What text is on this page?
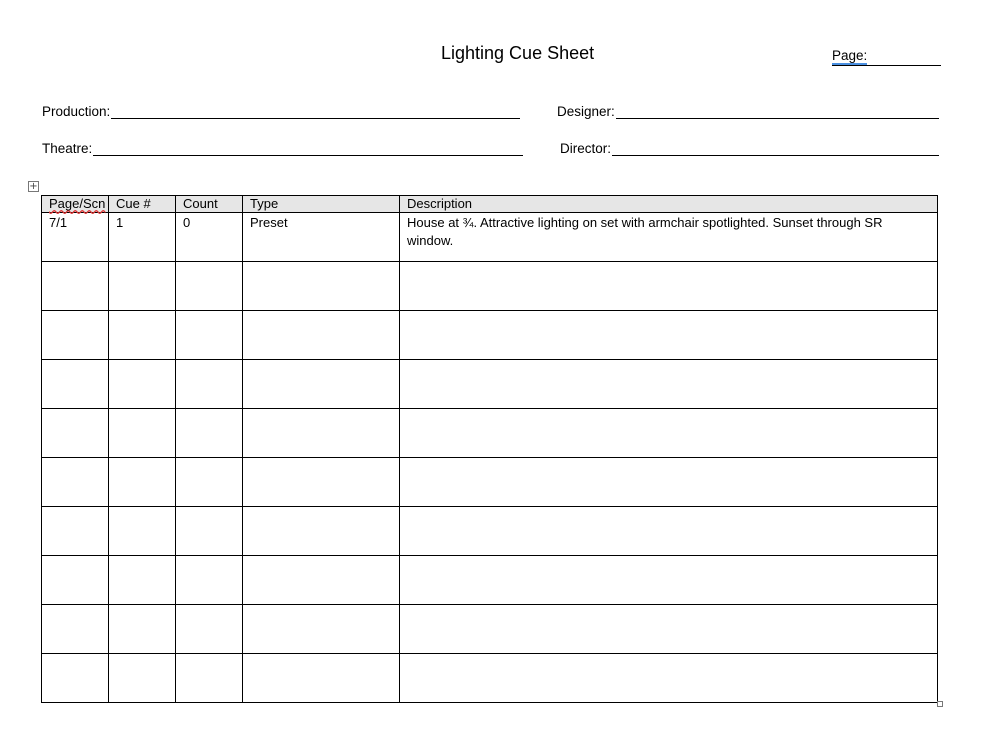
Lighting Cue Sheet	Page:
Production:	Designer:
Theatre:	Director:
+
Page/Scn	Cue #	Count	Type	Description
7/1	1	0	Preset	House at ¾. Attractive lighting on set with armchair spotlighted. Sunset through SR window.
